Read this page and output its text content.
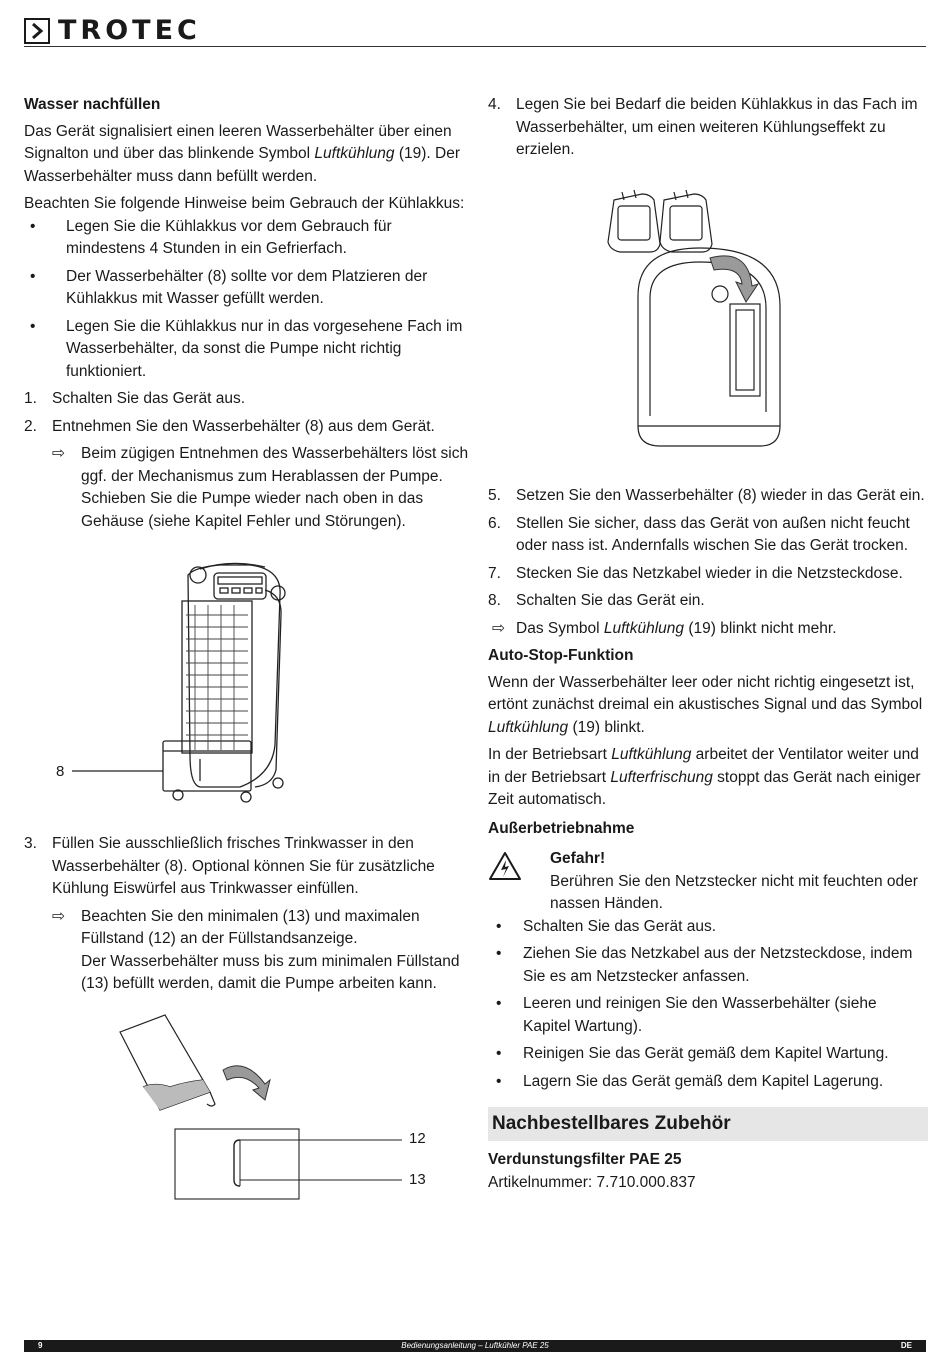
TROTEC
Wasser nachfüllen

Das Gerät signalisiert einen leeren Wasserbehälter über einen Signalton und über das blinkende Symbol Luftkühlung (19). Der Wasserbehälter muss dann befüllt werden.

Beachten Sie folgende Hinweise beim Gebrauch der Kühlakkus:

•	Legen Sie die Kühlakkus vor dem Gebrauch für mindestens 4 Stunden in ein Gefrierfach.
•	Der Wasserbehälter (8) sollte vor dem Platzieren der Kühlakkus mit Wasser gefüllt werden.
•	Legen Sie die Kühlakkus nur in das vorgesehene Fach im Wasserbehälter, da sonst die Pumpe nicht richtig funktioniert.
1. Schalten Sie das Gerät aus.
2. Entnehmen Sie den Wasserbehälter (8) aus dem Gerät.
⇨	Beim zügigen Entnehmen des Wasserbehälters löst sich ggf. der Mechanismus zum Herablassen der Pumpe. Schieben Sie die Pumpe wieder nach oben in das Gehäuse (siehe Kapitel Fehler und Störungen).
8
3. Füllen Sie ausschließlich frisches Trinkwasser in den Wasserbehälter (8). Optional können Sie für zusätzliche Kühlung Eiswürfel aus Trinkwasser einfüllen.
⇨	Beachten Sie den minimalen (13) und maximalen Füllstand (12) an der Füllstandsanzeige.
Der Wasserbehälter muss bis zum minimalen Füllstand (13) befüllt werden, damit die Pumpe arbeiten kann.
12
13
4. Legen Sie bei Bedarf die beiden Kühlakkus in das Fach im Wasserbehälter, um einen weiteren Kühlungseffekt zu erzielen.
5. Setzen Sie den Wasserbehälter (8) wieder in das Gerät ein.
6. Stellen Sie sicher, dass das Gerät von außen nicht feucht oder nass ist. Andernfalls wischen Sie das Gerät trocken.
7. Stecken Sie das Netzkabel wieder in die Netzsteckdose.
8. Schalten Sie das Gerät ein.
⇨ Das Symbol Luftkühlung (19) blinkt nicht mehr.
Auto-Stop-Funktion

Wenn der Wasserbehälter leer oder nicht richtig eingesetzt ist, ertönt zunächst dreimal ein akustisches Signal und das Symbol Luftkühlung (19) blinkt.

In der Betriebsart Luftkühlung arbeitet der Ventilator weiter und in der Betriebsart Lufterfrischung stoppt das Gerät nach einiger Zeit automatisch.

Außerbetriebnahme
Gefahr!
Berühren Sie den Netzstecker nicht mit feuchten oder nassen Händen.
•	Schalten Sie das Gerät aus.
•	Ziehen Sie das Netzkabel aus der Netzsteckdose, indem Sie es am Netzstecker anfassen.
•	Leeren und reinigen Sie den Wasserbehälter (siehe Kapitel Wartung).
•	Reinigen Sie das Gerät gemäß dem Kapitel Wartung.
•	Lagern Sie das Gerät gemäß dem Kapitel Lagerung.
Nachbestellbares Zubehör
Verdunstungsfilter PAE 25
Artikelnummer: 7.710.000.837
9	Bedienungsanleitung – Luftkühler PAE 25	DE
